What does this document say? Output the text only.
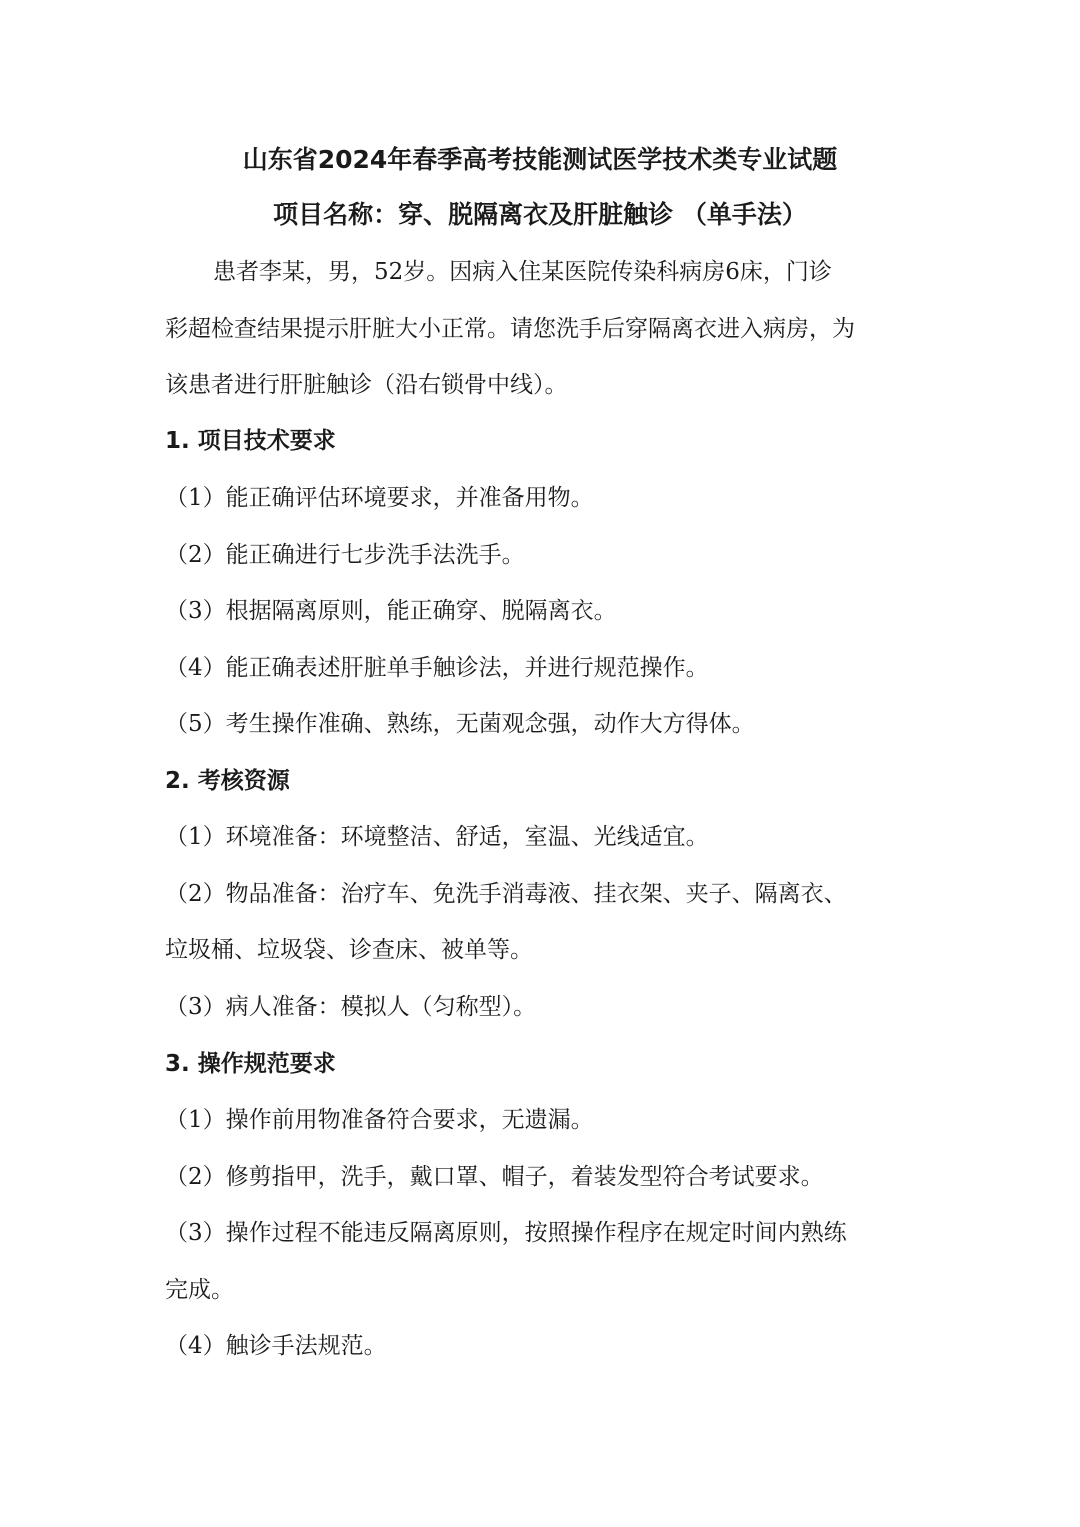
山东省2024年春季高考技能测试医学技术类专业试题
项目名称：穿、脱隔离衣及肝脏触诊 （单手法）
患者李某，男，52岁。因病入住某医院传染科病房6床，门诊
彩超检查结果提示肝脏大小正常。请您洗手后穿隔离衣进入病房，为
该患者进行肝脏触诊（沿右锁骨中线）。
1. 项目技术要求
（1）能正确评估环境要求，并准备用物。
（2）能正确进行七步洗手法洗手。
（3）根据隔离原则，能正确穿、脱隔离衣。
（4）能正确表述肝脏单手触诊法，并进行规范操作。
（5）考生操作准确、熟练，无菌观念强，动作大方得体。
2. 考核资源
（1）环境准备：环境整洁、舒适，室温、光线适宜。
（2）物品准备：治疗车、免洗手消毒液、挂衣架、夹子、隔离衣、
垃圾桶、垃圾袋、诊查床、被单等。
（3）病人准备：模拟人（匀称型）。
3. 操作规范要求
（1）操作前用物准备符合要求，无遗漏。
（2）修剪指甲，洗手，戴口罩、帽子，着装发型符合考试要求。
（3）操作过程不能违反隔离原则，按照操作程序在规定时间内熟练
完成。
（4）触诊手法规范。
